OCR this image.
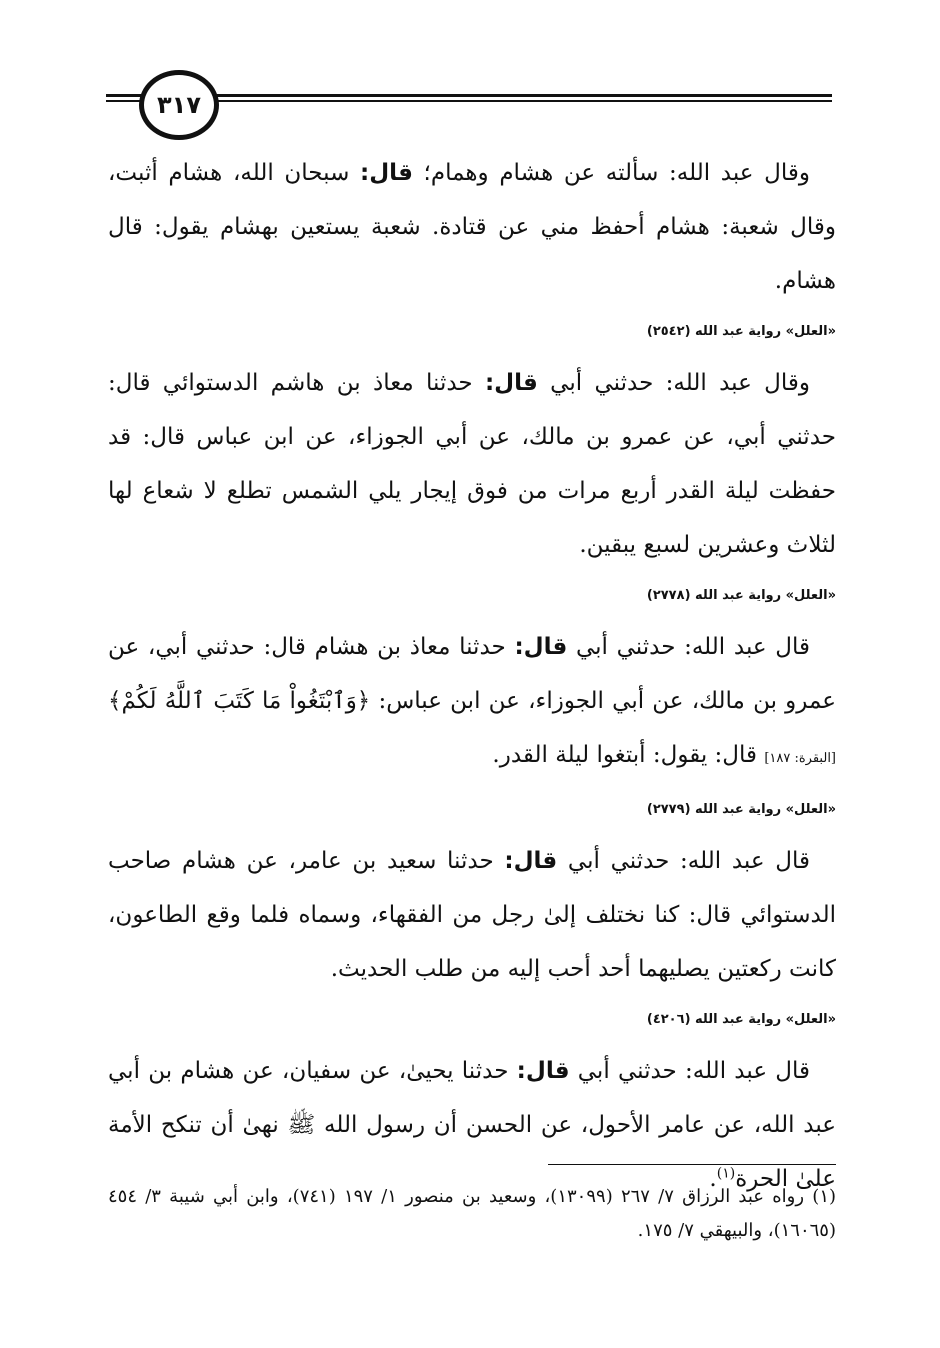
٣١٧

وقال عبد الله: سألته عن هشام وهمام؛ قال: سبحان الله، هشام أثبت، وقال شعبة: هشام أحفظ مني عن قتادة. شعبة يستعين بهشام يقول: قال هشام.

«العلل» رواية عبد الله (٢٥٤٢)

وقال عبد الله: حدثني أبي قال: حدثنا معاذ بن هاشم الدستوائي قال: حدثني أبي، عن عمرو بن مالك، عن أبي الجوزاء، عن ابن عباس قال: قد حفظت ليلة القدر أربع مرات من فوق إيجار يلي الشمس تطلع لا شعاع لها لثلاث وعشرين لسبع يبقين.

«العلل» رواية عبد الله (٢٧٧٨)

قال عبد الله: حدثني أبي قال: حدثنا معاذ بن هشام قال: حدثني أبي، عن عمرو بن مالك، عن أبي الجوزاء، عن ابن عباس: ﴿وَٱبْتَغُواْ مَا كَتَبَ ٱللَّهُ لَكُمْ﴾ [البقرة: ١٨٧] قال: يقول: أبتغوا ليلة القدر.

«العلل» رواية عبد الله (٢٧٧٩)

قال عبد الله: حدثني أبي قال: حدثنا سعيد بن عامر، عن هشام صاحب الدستوائي قال: كنا نختلف إلىٰ رجل من الفقهاء، وسماه فلما وقع الطاعون، كانت ركعتين يصليهما أحد أحب إليه من طلب الحديث.

«العلل» رواية عبد الله (٤٢٠٦)

قال عبد الله: حدثني أبي قال: حدثنا يحيىٰ، عن سفيان، عن هشام بن أبي عبد الله، عن عامر الأحول، عن الحسن أن رسول الله ﷺ نهىٰ أن تنكح الأمة علىٰ الحرة$^{(١)}$.

(١) رواه عبد الرزاق ٧/ ٢٦٧ (١٣٠٩٩)، وسعيد بن منصور ١/ ١٩٧ (٧٤١)، وابن أبي شيبة ٣/ ٤٥٤ (١٦٠٦٥)، والبيهقي ٧/ ١٧٥.
